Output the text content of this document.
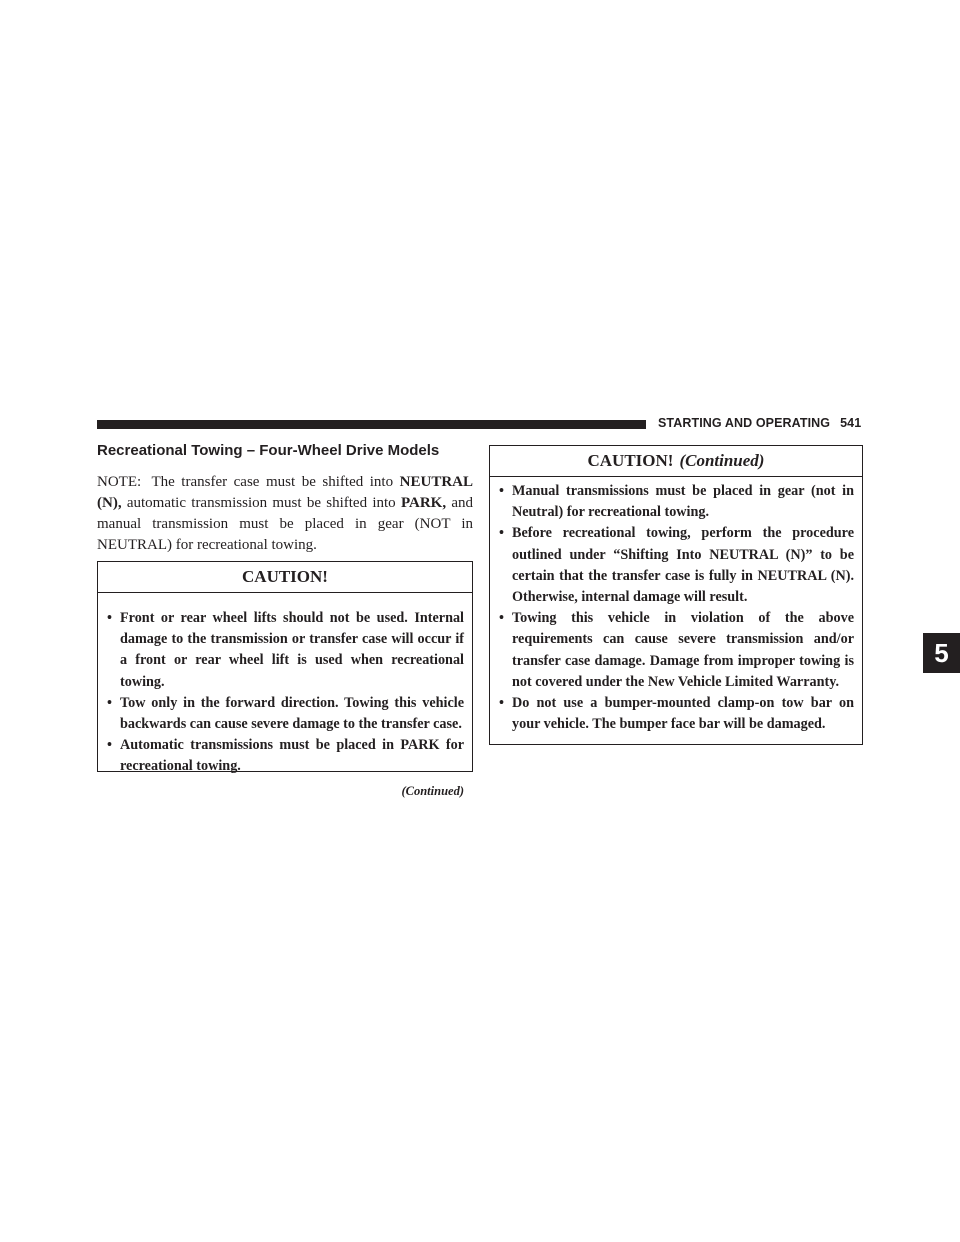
STARTING AND OPERATING 541
5
Recreational Towing – Four-Wheel Drive Models

NOTE: The transfer case must be shifted into NEUTRAL (N), automatic transmission must be shifted into PARK, and manual transmission must be placed in gear (NOT in NEUTRAL) for recreational towing.

CAUTION!
• Front or rear wheel lifts should not be used. Internal damage to the transmission or transfer case will occur if a front or rear wheel lift is used when recreational towing.
• Tow only in the forward direction. Towing this vehicle backwards can cause severe damage to the transfer case.
• Automatic transmissions must be placed in PARK for recreational towing.
(Continued)
CAUTION! (Continued)
• Manual transmissions must be placed in gear (not in Neutral) for recreational towing.
• Before recreational towing, perform the procedure outlined under “Shifting Into NEUTRAL (N)” to be certain that the transfer case is fully in NEUTRAL (N). Otherwise, internal damage will result.
• Towing this vehicle in violation of the above requirements can cause severe transmission and/or transfer case damage. Damage from improper towing is not covered under the New Vehicle Limited Warranty.
• Do not use a bumper-mounted clamp-on tow bar on your vehicle. The bumper face bar will be damaged.
